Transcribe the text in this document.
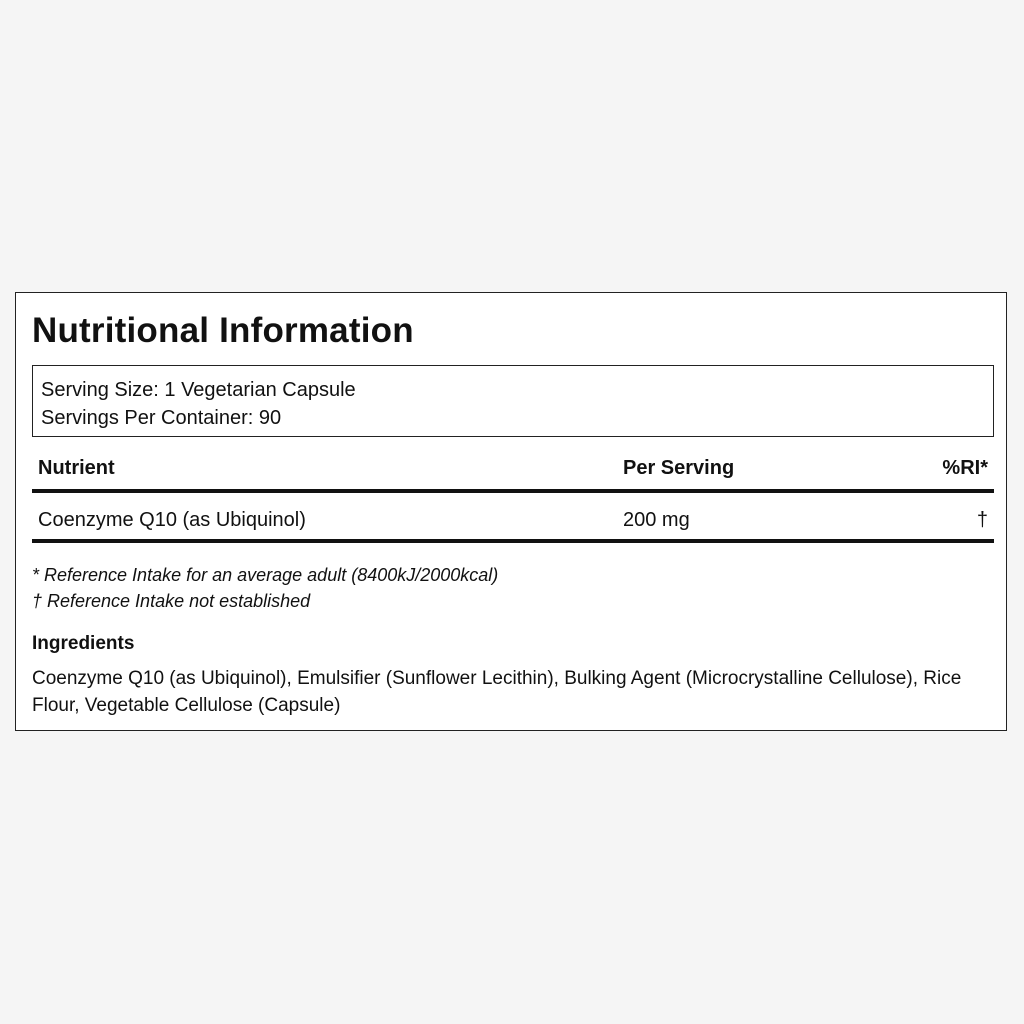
Nutritional Information
Serving Size: 1 Vegetarian Capsule
Servings Per Container: 90
Nutrient	Per Serving	%RI*
Coenzyme Q10 (as Ubiquinol)	200 mg	†
* Reference Intake for an average adult (8400kJ/2000kcal)
† Reference Intake not established
Ingredients
Coenzyme Q10 (as Ubiquinol), Emulsifier (Sunflower Lecithin), Bulking Agent (Microcrystalline Cellulose), Rice Flour, Vegetable Cellulose (Capsule)
